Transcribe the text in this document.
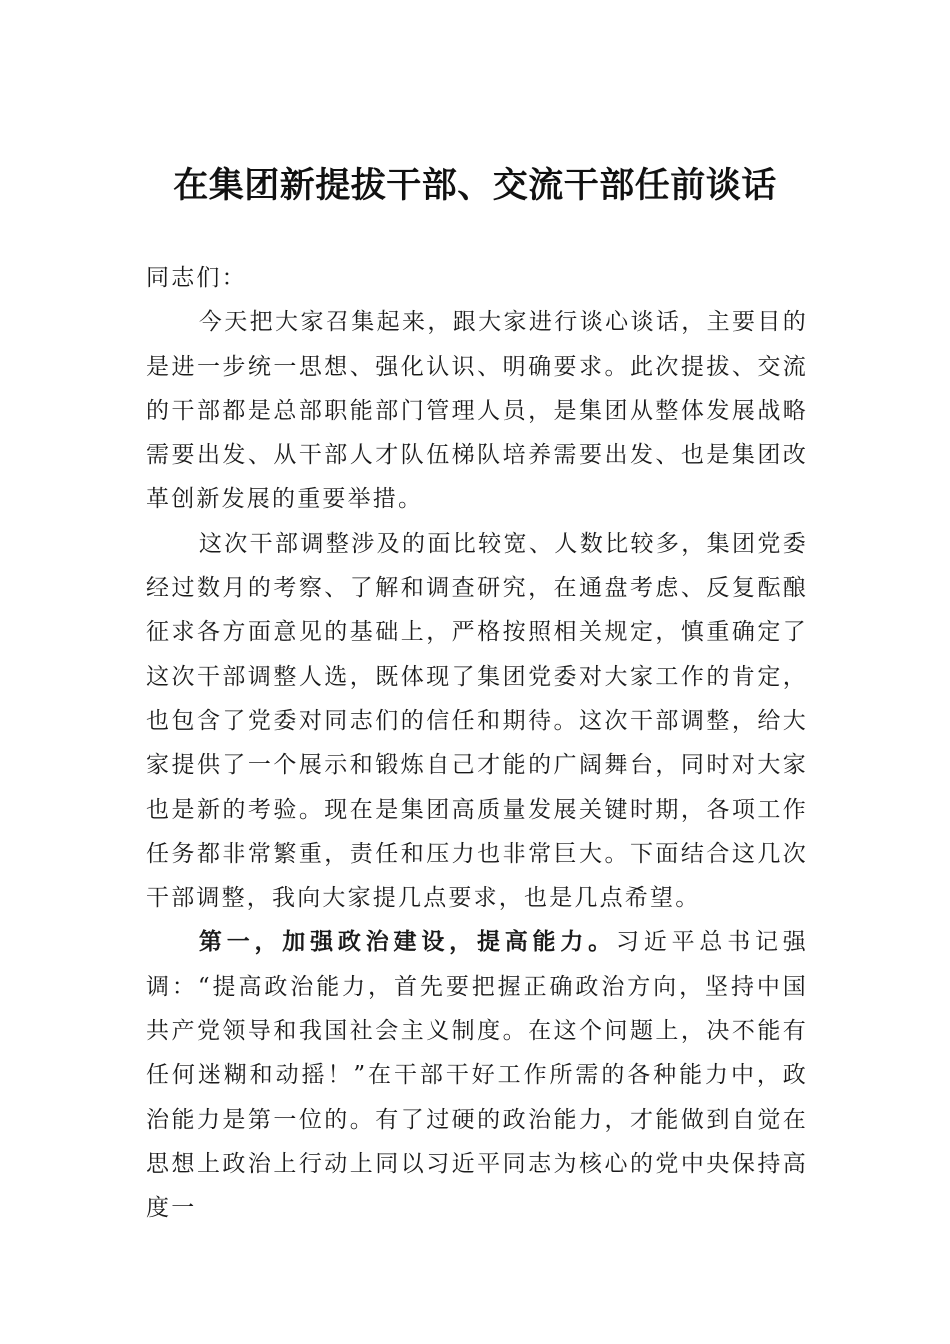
在集团新提拔干部、交流干部任前谈话

同志们：

今天把大家召集起来，跟大家进行谈心谈话，主要目的是进一步统一思想、强化认识、明确要求。此次提拔、交流的干部都是总部职能部门管理人员，是集团从整体发展战略需要出发、从干部人才队伍梯队培养需要出发、也是集团改革创新发展的重要举措。

这次干部调整涉及的面比较宽、人数比较多，集团党委经过数月的考察、了解和调查研究，在通盘考虑、反复酝酿征求各方面意见的基础上，严格按照相关规定，慎重确定了这次干部调整人选，既体现了集团党委对大家工作的肯定，也包含了党委对同志们的信任和期待。这次干部调整，给大家提供了一个展示和锻炼自己才能的广阔舞台，同时对大家也是新的考验。现在是集团高质量发展关键时期，各项工作任务都非常繁重，责任和压力也非常巨大。下面结合这几次干部调整，我向大家提几点要求，也是几点希望。

第一，加强政治建设，提高能力。习近平总书记强调：“提高政治能力，首先要把握正确政治方向，坚持中国共产党领导和我国社会主义制度。在这个问题上，决不能有任何迷糊和动摇！”在干部干好工作所需的各种能力中，政治能力是第一位的。有了过硬的政治能力，才能做到自觉在思想上政治上行动上同以习近平同志为核心的党中央保持高度一
